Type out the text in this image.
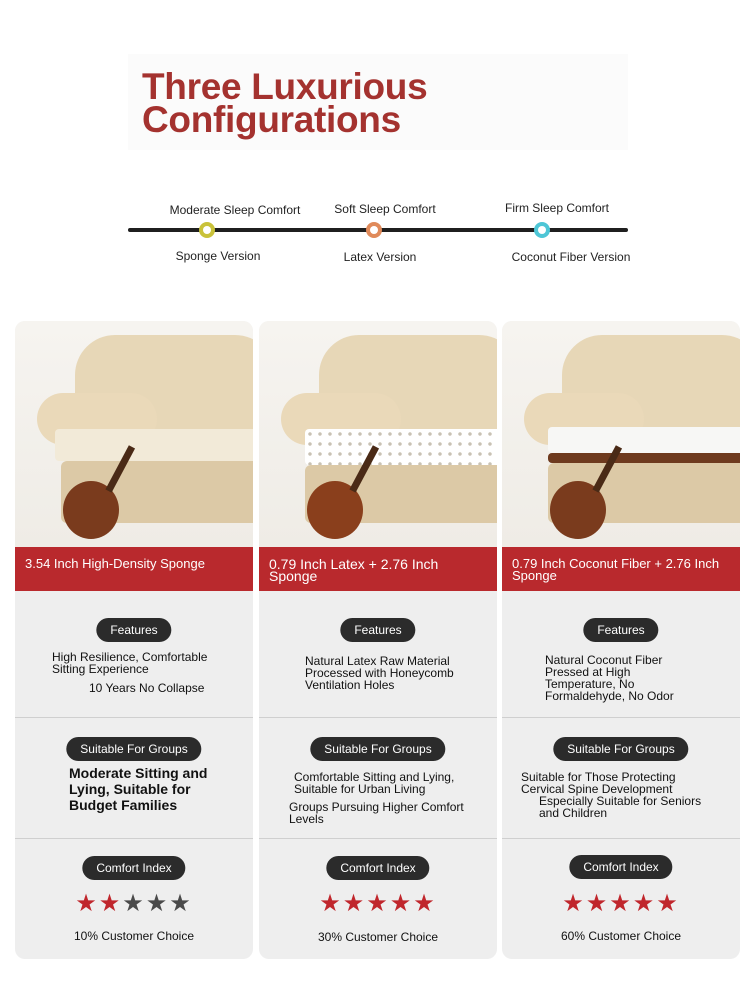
Three Luxurious
Configurations
Moderate Sleep Comfort	Soft Sleep Comfort	Firm Sleep Comfort
Sponge Version	Latex Version	Coconut Fiber Version
3.54 Inch High-Density Sponge
Features
High Resilience, Comfortable Sitting Experience
10 Years No Collapse
Suitable For Groups
Moderate Sitting and Lying, Suitable for Budget Families
Comfort Index
★★★★★
10% Customer Choice
0.79 Inch Latex + 2.76 Inch Sponge
Features
Natural Latex Raw Material Processed with Honeycomb Ventilation Holes
Suitable For Groups
Comfortable Sitting and Lying, Suitable for Urban Living
Groups Pursuing Higher Comfort Levels
Comfort Index
★★★★★
30% Customer Choice
0.79 Inch Coconut Fiber + 2.76 Inch Sponge
Features
Natural Coconut Fiber Pressed at High Temperature, No Formaldehyde, No Odor
Suitable For Groups
Suitable for Those Protecting Cervical Spine Development
Especially Suitable for Seniors and Children
Comfort Index
★★★★★
60% Customer Choice
